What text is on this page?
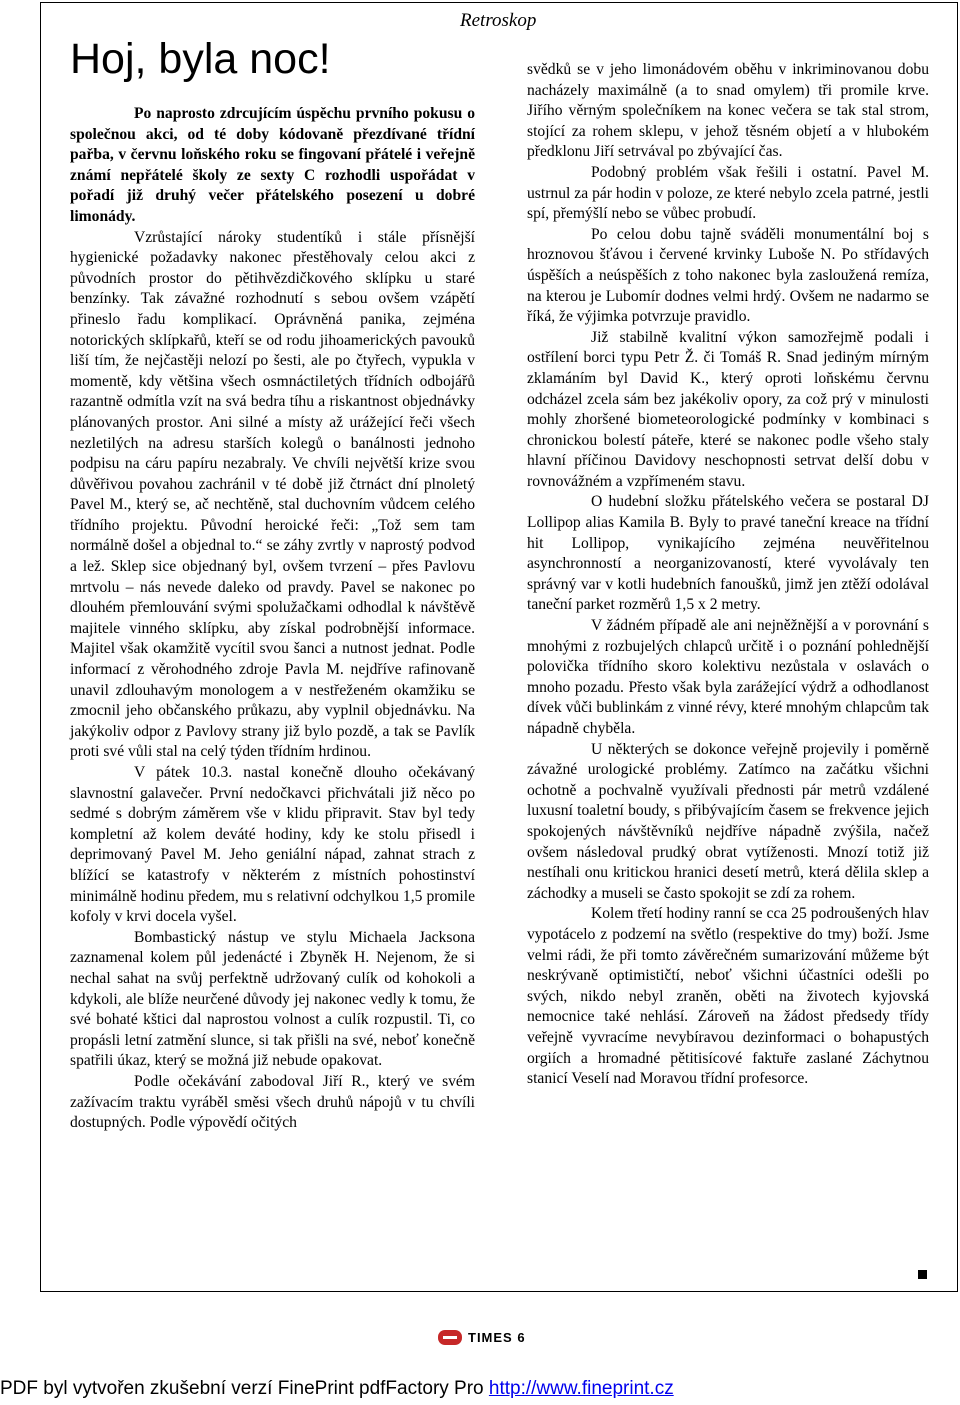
Retroskop
Hoj, byla noc!

Po naprosto zdrcujícím úspěchu prvního pokusu o společnou akci, od té doby kódovaně přezdívané třídní pařba, v červnu loňského roku se fingovaní přátelé i veřejně známí nepřátelé školy ze sexty C rozhodli uspořádat v pořadí již druhý večer přátelského posezení u dobré limonády.

Vzrůstající nároky studentíků i stále přísnější hygienické požadavky nakonec přestěhovaly celou akci z původních prostor do pětihvězdičkového sklípku u staré benzínky. Tak závažné rozhodnutí s sebou ovšem vzápětí přineslo řadu komplikací. Oprávněná panika, zejména notorických sklípkařů, kteří se od rodu jihoamerických pavouků liší tím, že nejčastěji nelozí po šesti, ale po čtyřech, vypukla v momentě, kdy většina všech osmnáctiletých třídních odbojářů razantně odmítla vzít na svá bedra tíhu a riskantnost objednávky plánovaných prostor. Ani silné a místy až urážející řeči všech nezletilých na adresu starších kolegů o banálnosti jednoho podpisu na cáru papíru nezabraly. Ve chvíli největší krize svou důvěřivou povahou zachránil v té době již čtrnáct dní plnoletý Pavel M., který se, ač nechtěně, stal duchovním vůdcem celého třídního projektu. Původní heroické řeči: „Tož sem tam normálně došel a objednal to.“ se záhy zvrtly v naprostý podvod a lež. Sklep sice objednaný byl, ovšem tvrzení – přes Pavlovu mrtvolu – nás nevede daleko od pravdy. Pavel se nakonec po dlouhém přemlouvání svými spolužačkami odhodlal k návštěvě majitele vinného sklípku, aby získal podrobnější informace. Majitel však okamžitě vycítil svou šanci a nutnost jednat. Podle informací z věrohodného zdroje Pavla M. nejdříve rafinovaně unavil zdlouhavým monologem a v nestřeženém okamžiku se zmocnil jeho občanského průkazu, aby vyplnil objednávku. Na jakýkoliv odpor z Pavlovy strany již bylo pozdě, a tak se Pavlík proti své vůli stal na celý týden třídním hrdinou.

V pátek 10.3. nastal konečně dlouho očekávaný slavnostní galavečer. První nedočkavci přichvátali již něco po sedmé s dobrým záměrem vše v klidu připravit. Stav byl tedy kompletní až kolem deváté hodiny, kdy ke stolu přisedl i deprimovaný Pavel M. Jeho geniální nápad, zahnat strach z blížící se katastrofy v některém z místních pohostinství minimálně hodinu předem, mu s relativní odchylkou 1,5 promile kofoly v krvi docela vyšel.

Bombastický nástup ve stylu Michaela Jacksona zaznamenal kolem půl jedenácté i Zbyněk H. Nejenom, že si nechal sahat na svůj perfektně udržovaný culík od kohokoli a kdykoli, ale blíže neurčené důvody jej nakonec vedly k tomu, že své bohaté kštici dal naprostou volnost a culík rozpustil. Ti, co propásli letní zatmění slunce, si tak přišli na své, neboť konečně spatřili úkaz, který se možná již nebude opakovat.

Podle očekávání zabodoval Jiří R., který ve svém zažívacím traktu vyráběl směsi všech druhů nápojů v tu chvíli dostupných. Podle výpovědí očitých

svědků se v jeho limonádovém oběhu v inkriminovanou dobu nacházely maximálně (a to snad omylem) tři promile krve. Jiřího věrným společníkem na konec večera se tak stal strom, stojící za rohem sklepu, v jehož těsném objetí a v hlubokém předklonu Jiří setrvával po zbývající čas.

Podobný problém však řešili i ostatní. Pavel M. ustrnul za pár hodin v poloze, ze které nebylo zcela patrné, jestli spí, přemýšlí nebo se vůbec probudí.

Po celou dobu tajně sváděli monumentální boj s hroznovou šťávou i červené krvinky Luboše N. Po střídavých úspěších a neúspěších z toho nakonec byla zasloužená remíza, na kterou je Lubomír dodnes velmi hrdý. Ovšem ne nadarmo se říká, že výjimka potvrzuje pravidlo.

Již stabilně kvalitní výkon samozřejmě podali i ostřílení borci typu Petr Ž. či Tomáš R. Snad jediným mírným zklamáním byl David K., který oproti loňskému červnu odcházel zcela sám bez jakékoliv opory, za což prý v minulosti mohly zhoršené biometeorologické podmínky v kombinaci s chronickou bolestí páteře, které se nakonec podle všeho staly hlavní příčinou Davidovy neschopnosti setrvat delší dobu v rovnovážném a vzpřímeném stavu.

O hudební složku přátelského večera se postaral DJ Lollipop alias Kamila B. Byly to pravé taneční kreace na třídní hit Lollipop, vynikajícího zejména neuvěřitelnou asynchronností a neorganizovaností, které vyvolávaly ten správný var v kotli hudebních fanoušků, jimž jen ztěží odolával taneční parket rozměrů 1,5 x 2 metry.

V žádném případě ale ani nejněžnější a v porovnání s mnohými z rozbujelých chlapců určitě i o poznání pohlednější polovička třídního skoro kolektivu nezůstala v oslavách o mnoho pozadu. Přesto však byla zarážející výdrž a odhodlanost dívek vůči bublinkám z vinné révy, které mnohým chlapcům tak nápadně chyběla.

U některých se dokonce veřejně projevily i poměrně závažné urologické problémy. Zatímco na začátku všichni ochotně a pochvalně využívali přednosti pár metrů vzdálené luxusní toaletní boudy, s přibývajícím časem se frekvence jejich spokojených návštěvníků nejdříve nápadně zvýšila, načež ovšem následoval prudký obrat vytíženosti. Mnozí totiž již nestíhali onu kritickou hranici desetí metrů, která dělila sklep a záchodky a museli se často spokojit se zdí za rohem.

Kolem třetí hodiny ranní se cca 25 podroušených hlav vypotácelo z podzemí na světlo (respektive do tmy) boží. Jsme velmi rádi, že při tomto závěrečném sumarizování můžeme být neskrývaně optimističtí, neboť všichni účastníci odešli po svých, nikdo nebyl zraněn, oběti na životech kyjovská nemocnice také nehlásí. Zároveň na žádost předsedy třídy veřejně vyvracíme nevybíravou dezinformaci o bohapustých orgiích a hromadné pětitisícové faktuře zaslané Záchytnou stanicí Veselí nad Moravou třídní profesorce.

TIMES 6
PDF byl vytvořen zkušební verzí FinePrint pdfFactory Pro http://www.fineprint.cz
